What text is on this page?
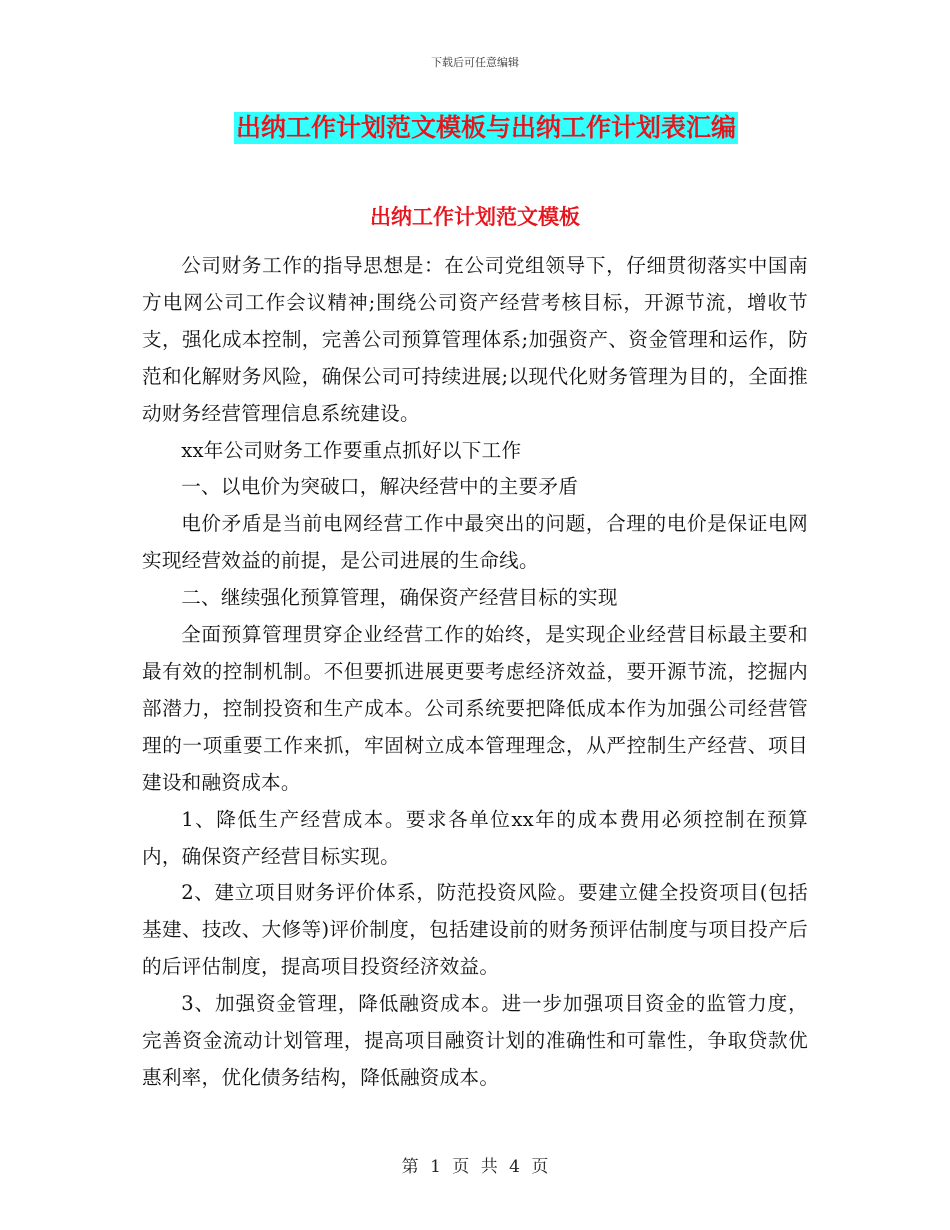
下载后可任意编辑
出纳工作计划范文模板与出纳工作计划表汇编
出纳工作计划范文模板

公司财务工作的指导思想是：在公司党组领导下，仔细贯彻落实中国南方电网公司工作会议精神;围绕公司资产经营考核目标，开源节流，增收节支，强化成本控制，完善公司预算管理体系;加强资产、资金管理和运作，防范和化解财务风险，确保公司可持续进展;以现代化财务管理为目的，全面推动财务经营管理信息系统建设。

xx年公司财务工作要重点抓好以下工作

一、以电价为突破口，解决经营中的主要矛盾

电价矛盾是当前电网经营工作中最突出的问题，合理的电价是保证电网实现经营效益的前提，是公司进展的生命线。

二、继续强化预算管理，确保资产经营目标的实现

全面预算管理贯穿企业经营工作的始终，是实现企业经营目标最主要和最有效的控制机制。不但要抓进展更要考虑经济效益，要开源节流，挖掘内部潜力，控制投资和生产成本。公司系统要把降低成本作为加强公司经营管理的一项重要工作来抓，牢固树立成本管理理念，从严控制生产经营、项目建设和融资成本。

1、降低生产经营成本。要求各单位xx年的成本费用必须控制在预算内，确保资产经营目标实现。

2、建立项目财务评价体系，防范投资风险。要建立健全投资项目(包括基建、技改、大修等)评价制度，包括建设前的财务预评估制度与项目投产后的后评估制度，提高项目投资经济效益。

3、加强资金管理，降低融资成本。进一步加强项目资金的监管力度，完善资金流动计划管理，提高项目融资计划的准确性和可靠性，争取贷款优惠利率，优化债务结构，降低融资成本。

第 1 页 共 4 页
